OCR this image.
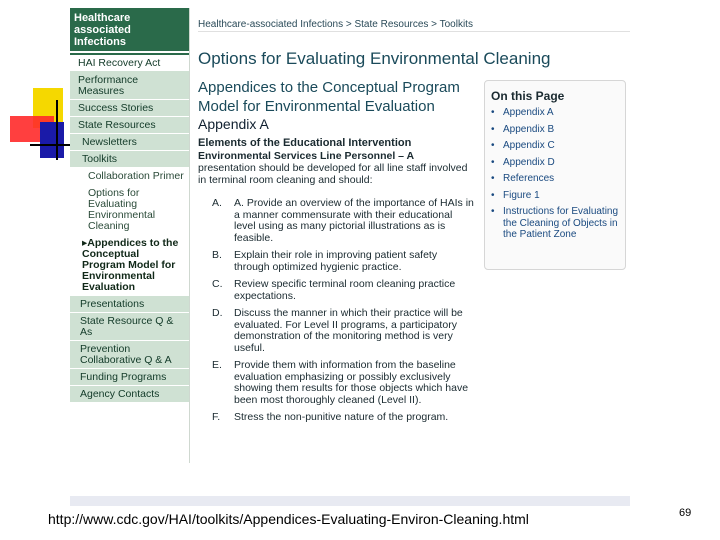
Healthcare associated Infections
HAI Recovery Act
Performance Measures
Success Stories
State Resources
Newsletters
Toolkits
Collaboration Primer
Options for Evaluating Environmental Cleaning
▸Appendices to the Conceptual Program Model for Environmental Evaluation
Presentations
State Resource Q & As
Prevention Collaborative Q & A
Funding Programs
Agency Contacts
Healthcare-associated Infections > State Resources > Toolkits
Options for Evaluating Environmental Cleaning
Appendices to the Conceptual Program Model for Environmental Evaluation
Appendix A
Elements of the Educational Intervention
Environmental Services Line Personnel – A presentation should be developed for all line staff involved in terminal room cleaning and should:
A.	A. Provide an overview of the importance of HAIs in a manner commensurate with their educational level using as many pictorial illustrations as is feasible.
B.	Explain their role in improving patient safety through optimized hygienic practice.
C.	Review specific terminal room cleaning practice expectations.
D.	Discuss the manner in which their practice will be evaluated. For Level II programs, a participatory demonstration of the monitoring method is very useful.
E.	Provide them with information from the baseline evaluation emphasizing or possibly exclusively showing them results for those objects which have been most thoroughly cleaned (Level II).
F.	Stress the non-punitive nature of the program.
On this Page
• Appendix A
• Appendix B
• Appendix C
• Appendix D
• References
• Figure 1
• Instructions for Evaluating the Cleaning of Objects in the Patient Zone
http://www.cdc.gov/HAI/toolkits/Appendices-Evaluating-Environ-Cleaning.html	69
